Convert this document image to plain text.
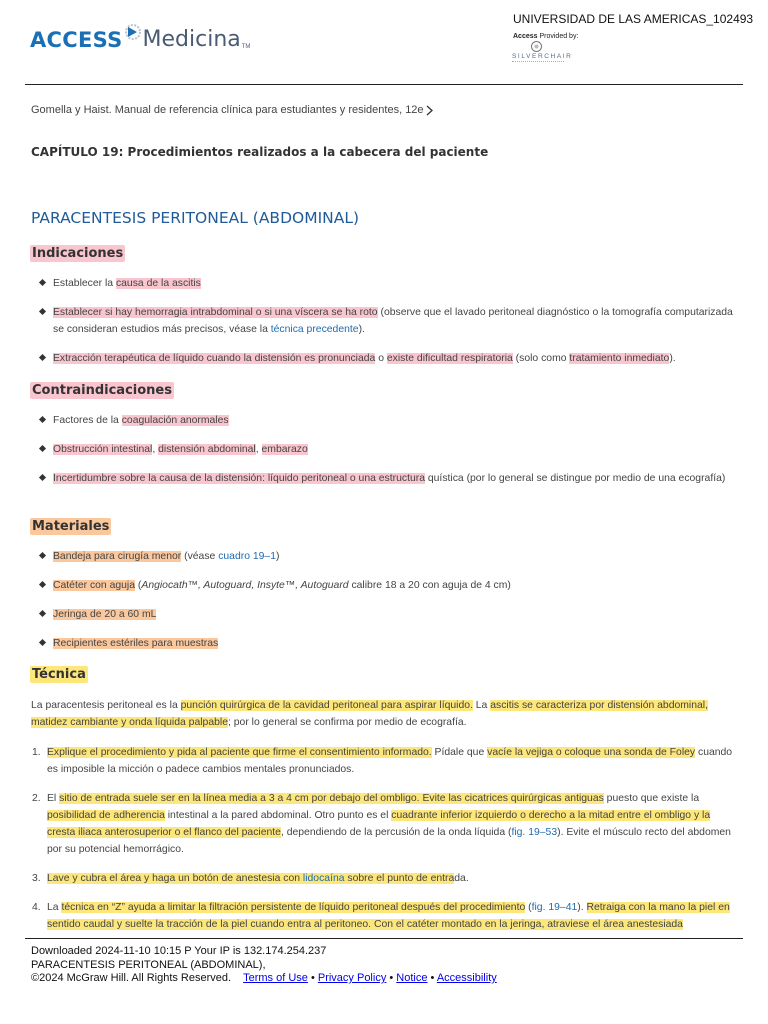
ACCESS Medicina TM
UNIVERSIDAD DE LAS AMERICAS_102493
Access Provided by:
SILVERCHAIR
Gomella y Haist. Manual de referencia clínica para estudiantes y residentes, 12e
CAPÍTULO 19: Procedimientos realizados a la cabecera del paciente
PARACENTESIS PERITONEAL (ABDOMINAL)
Indicaciones
Establecer la causa de la ascitis
Establecer si hay hemorragia intrabdominal o si una víscera se ha roto (observe que el lavado peritoneal diagnóstico o la tomografía computarizada se consideran estudios más precisos, véase la técnica precedente).
Extracción terapéutica de líquido cuando la distensión es pronunciada o existe dificultad respiratoria (solo como tratamiento inmediato).
Contraindicaciones
Factores de la coagulación anormales
Obstrucción intestinal, distensión abdominal, embarazo
Incertidumbre sobre la causa de la distensión: líquido peritoneal o una estructura quística (por lo general se distingue por medio de una ecografía)
Materiales
Bandeja para cirugía menor (véase cuadro 19–1)
Catéter con aguja (Angiocath™, Autoguard, Insyte™, Autoguard calibre 18 a 20 con aguja de 4 cm)
Jeringa de 20 a 60 mL
Recipientes estériles para muestras
Técnica
La paracentesis peritoneal es la punción quirúrgica de la cavidad peritoneal para aspirar líquido. La ascitis se caracteriza por distensión abdominal, matidez cambiante y onda líquida palpable; por lo general se confirma por medio de ecografía.
1. Explique el procedimiento y pida al paciente que firme el consentimiento informado. Pídale que vacíe la vejiga o coloque una sonda de Foley cuando es imposible la micción o padece cambios mentales pronunciados.
2. El sitio de entrada suele ser en la línea media a 3 a 4 cm por debajo del ombligo. Evite las cicatrices quirúrgicas antiguas puesto que existe la posibilidad de adherencia intestinal a la pared abdominal. Otro punto es el cuadrante inferior izquierdo o derecho a la mitad entre el ombligo y la cresta iliaca anterosuperior o el flanco del paciente, dependiendo de la percusión de la onda líquida (fig. 19–53). Evite el músculo recto del abdomen por su potencial hemorrágico.
3. Lave y cubra el área y haga un botón de anestesia con lidocaína sobre el punto de entrada.
4. La técnica en “Z” ayuda a limitar la filtración persistente de líquido peritoneal después del procedimiento (fig. 19–41). Retraiga con la mano la piel en sentido caudal y suelte la tracción de la piel cuando entra al peritoneo. Con el catéter montado en la jeringa, atraviese el área anestesiada
Downloaded 2024-11-10 10:15 P Your IP is 132.174.254.237
PARACENTESIS PERITONEAL (ABDOMINAL),
©2024 McGraw Hill. All Rights Reserved. Terms of Use • Privacy Policy • Notice • Accessibility
